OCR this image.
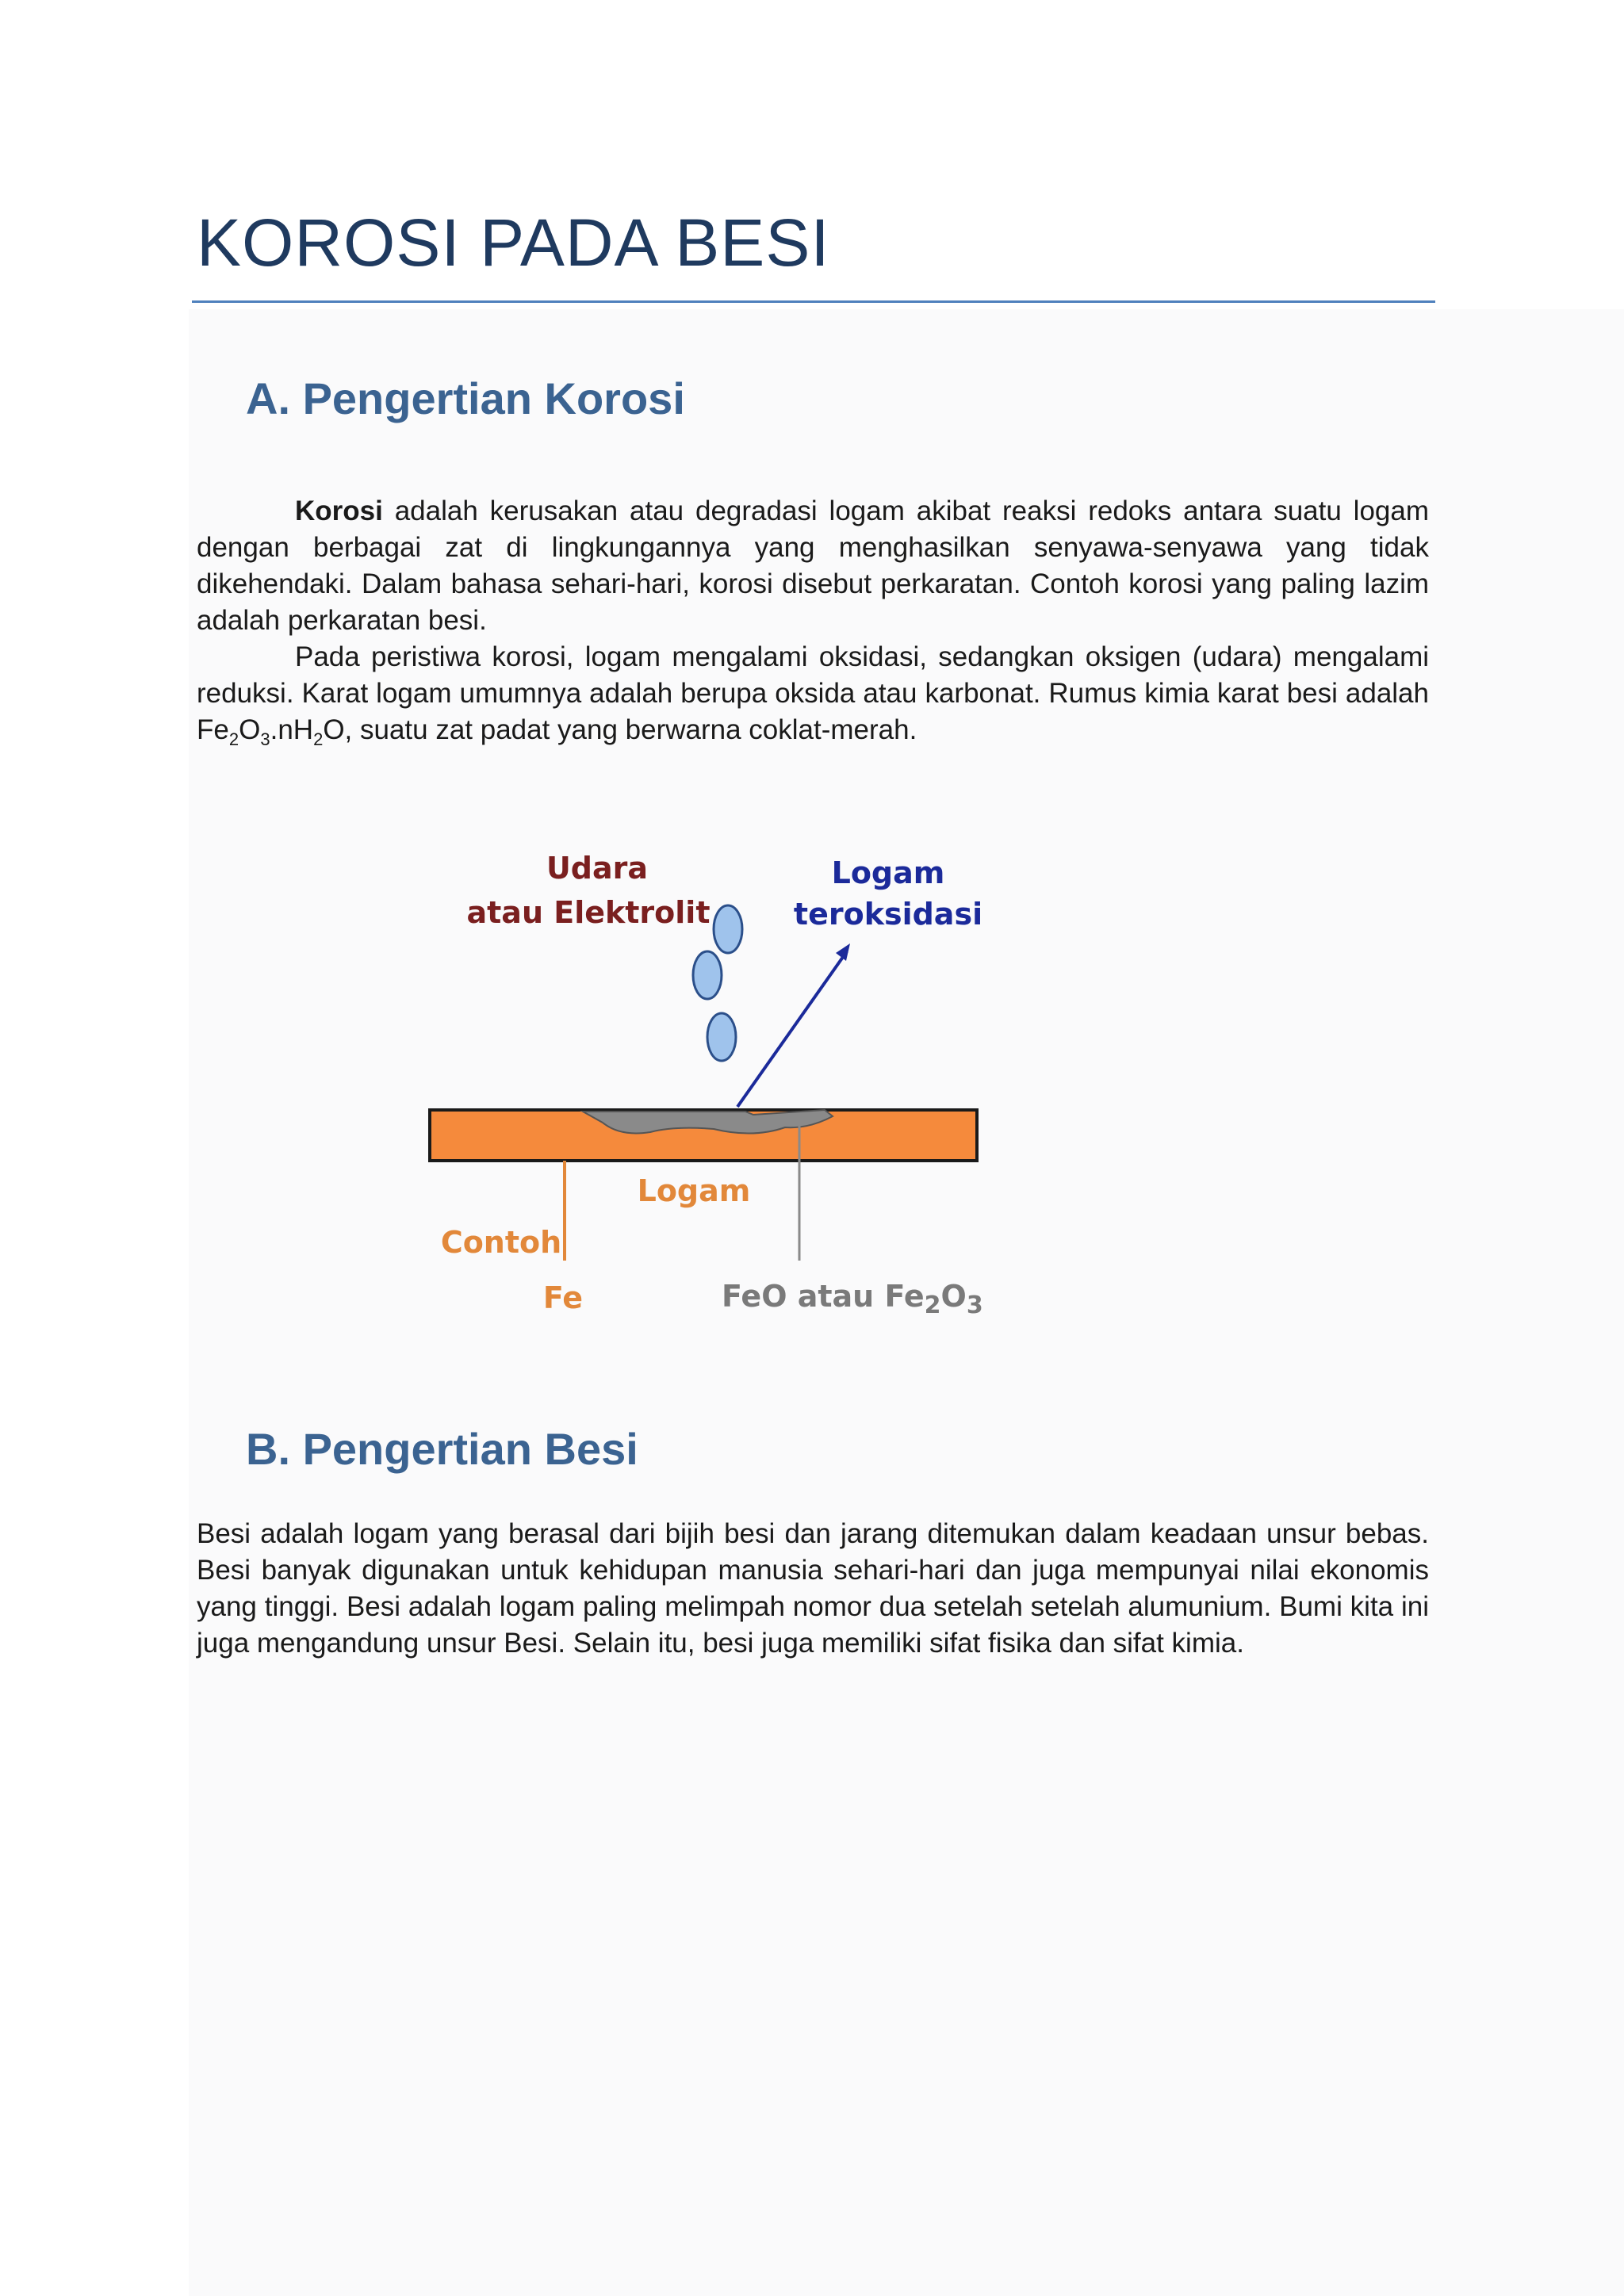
KOROSI PADA BESI
A. Pengertian Korosi

Korosi adalah kerusakan atau degradasi logam akibat reaksi redoks antara suatu logam dengan berbagai zat di lingkungannya yang menghasilkan senyawa-senyawa yang tidak dikehendaki. Dalam bahasa sehari-hari, korosi disebut perkaratan. Contoh korosi yang paling lazim adalah perkaratan besi.

Pada peristiwa korosi, logam mengalami oksidasi, sedangkan oksigen (udara) mengalami reduksi. Karat logam umumnya adalah berupa oksida atau karbonat. Rumus kimia karat besi adalah $Fe_2O_3.nH_2O$, suatu zat padat yang berwarna coklat-merah.

Udara
atau Elektrolit
Logam
teroksidasi
Logam
Contoh
Fe	FeO atau $Fe_2O_3$
B. Pengertian Besi

Besi adalah logam yang berasal dari bijih besi dan jarang ditemukan dalam keadaan unsur bebas. Besi banyak digunakan untuk kehidupan manusia sehari-hari dan juga mempunyai nilai ekonomis yang tinggi. Besi adalah logam paling melimpah nomor dua setelah setelah alumunium. Bumi kita ini juga mengandung unsur Besi. Selain itu, besi juga memiliki sifat fisika dan sifat kimia.
